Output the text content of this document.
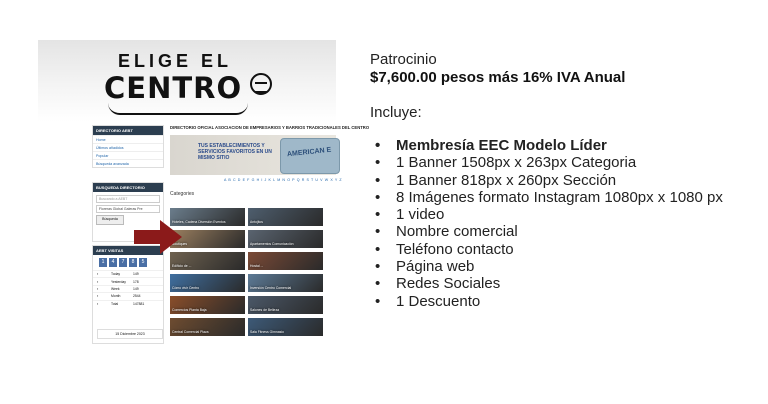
ELIGE EL
CENTRO
DIRECTORIO AEBT
Home
Últimos añadidos
Popular
Búsqueda avanzada
BUSQUEDA DIRECTORIO
Buscando a AEBT
Floreras Global Galeras Pre
Búsqueda
AEBT VISITAS
1	4	7	8	5
▪	Today	149
▪	Yesterday	178
▪	Week	149
▪	Month	2544
▪	Total	147881
15 Diciembre 2023
DIRECTORIO OFICIAL ASOCIACION DE EMPRESARIOS Y BARRIOS TRADICIONALES DEL CENTRO
TUS ESTABLECIMIENTOS Y SERVICIOS FAVORITOS EN UN MISMO SITIO	AMERICAN E
A B C D E F G H I J K L M N O P Q R S T U V W X Y Z
Categories
Hoteles, Cadena Diversión Eventos	Antojitos
Boutiques	Apartamentos Comunicación
Edificio de ...	Hostal ...
Cómo vivir Centro	Inversión Centro Comercial
Comercios Planta Baja	Salones de Belleza
Central Comercial Plaza	Sala Fitness Gimnasio
Patrocinio
$7,600.00 pesos más 16% IVA Anual
Incluye:
• Membresía EEC Modelo Líder
• 1 Banner 1508px x 263px Categoria
• 1 Banner 818px x 260px Sección
• 8 Imágenes formato Instagram 1080px x 1080 px
• 1 video
• Nombre comercial
• Teléfono contacto
• Página web
• Redes Sociales
• 1 Descuento
